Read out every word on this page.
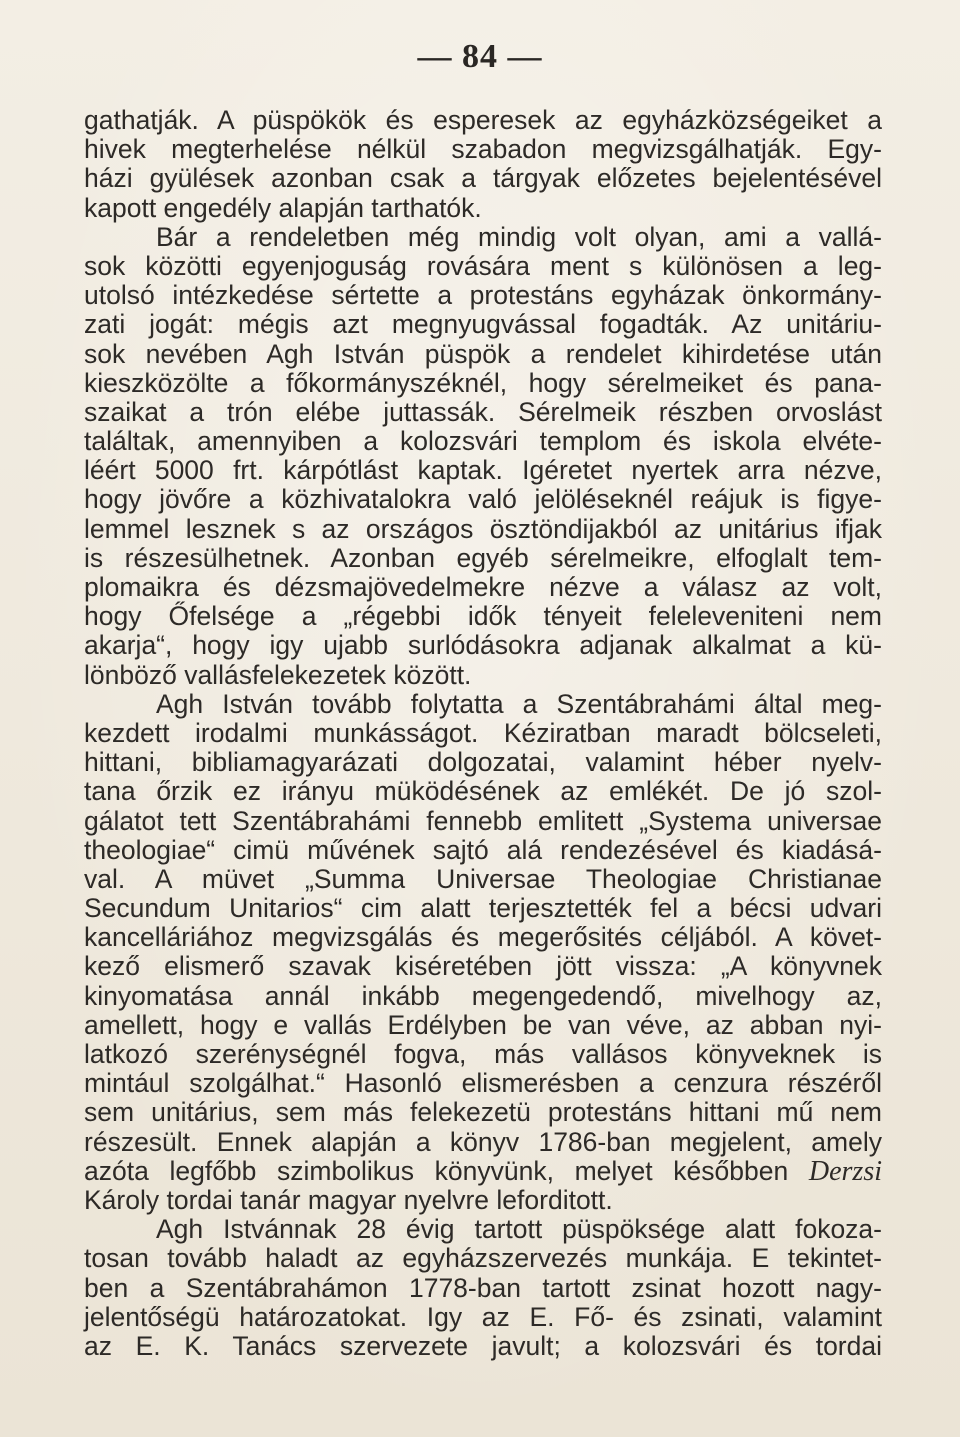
— 84 —
gathatják. A püspökök és esperesek az egyházközségeiket a
hivek megterhelése nélkül szabadon megvizsgálhatják. Egy-
házi gyülések azonban csak a tárgyak előzetes bejelentésével
kapott engedély alapján tarthatók.
Bár a rendeletben még mindig volt olyan, ami a vallá-
sok közötti egyenjoguság rovására ment s különösen a leg-
utolsó intézkedése sértette a protestáns egyházak önkormány-
zati jogát: mégis azt megnyugvással fogadták. Az unitáriu-
sok nevében Agh István püspök a rendelet kihirdetése után
kieszközölte a főkormányszéknél, hogy sérelmeiket és pana-
szaikat a trón elébe juttassák. Sérelmeik részben orvoslást
találtak, amennyiben a kolozsvári templom és iskola elvéte-
léért 5000 frt. kárpótlást kaptak. Igéretet nyertek arra nézve,
hogy jövőre a közhivatalokra való jelöléseknél reájuk is figye-
lemmel lesznek s az országos ösztöndijakból az unitárius ifjak
is részesülhetnek. Azonban egyéb sérelmeikre, elfoglalt tem-
plomaikra és dézsmajövedelmekre nézve a válasz az volt,
hogy Őfelsége a „régebbi idők tényeit feleleveniteni nem
akarja“, hogy igy ujabb surlódásokra adjanak alkalmat a kü-
lönböző vallásfelekezetek között.
Agh István tovább folytatta a Szentábrahámi által meg-
kezdett irodalmi munkásságot. Kéziratban maradt bölcseleti,
hittani, bibliamagyarázati dolgozatai, valamint héber nyelv-
tana őrzik ez irányu müködésének az emlékét. De jó szol-
gálatot tett Szentábrahámi fennebb emlitett „Systema universae
theologiae“ cimü művének sajtó alá rendezésével és kiadásá-
val. A müvet „Summa Universae Theologiae Christianae
Secundum Unitarios“ cim alatt terjesztették fel a bécsi udvari
kancelláriához megvizsgálás és megerősités céljából. A követ-
kező elismerő szavak kiséretében jött vissza: „A könyvnek
kinyomatása annál inkább megengedendő, mivelhogy az,
amellett, hogy e vallás Erdélyben be van véve, az abban nyi-
latkozó szerénységnél fogva, más vallásos könyveknek is
mintául szolgálhat.“ Hasonló elismerésben a cenzura részéről
sem unitárius, sem más felekezetü protestáns hittani mű nem
részesült. Ennek alapján a könyv 1786-ban megjelent, amely
azóta legfőbb szimbolikus könyvünk, melyet későbben Derzsi
Károly tordai tanár magyar nyelvre leforditott.
Agh Istvánnak 28 évig tartott püspöksége alatt fokoza-
tosan tovább haladt az egyházszervezés munkája. E tekintet-
ben a Szentábrahámon 1778-ban tartott zsinat hozott nagy-
jelentőségü határozatokat. Igy az E. Fő- és zsinati, valamint
az E. K. Tanács szervezete javult; a kolozsvári és tordai
